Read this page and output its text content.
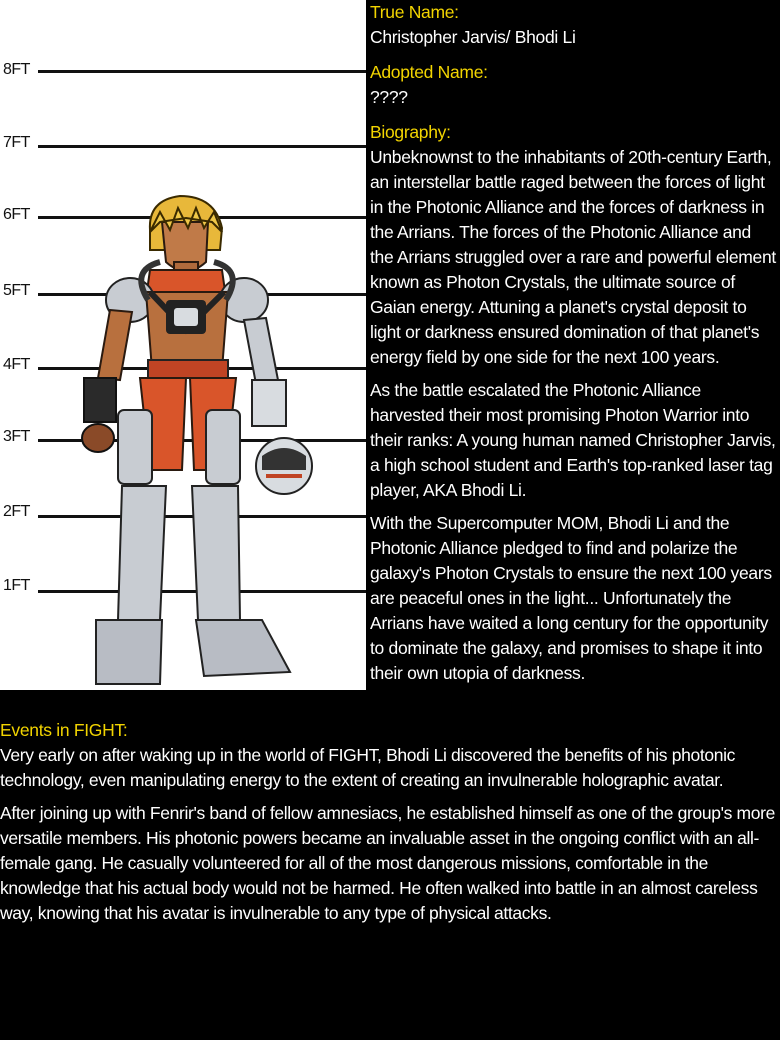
8FT
7FT
6FT
5FT
4FT
3FT
2FT
1FT
True Name:
Christopher Jarvis/ Bhodi Li
Adopted Name:
????
Biography:

Unbeknownst to the inhabitants of 20th-century Earth, an interstellar battle raged between the forces of light in the Photonic Alliance and the forces of darkness in the Arrians. The forces of the Photonic Alliance and the Arrians struggled over a rare and powerful element known as Photon Crystals, the ultimate source of Gaian energy. Attuning a planet's crystal deposit to light or darkness ensured domination of that planet's energy field by one side for the next 100 years.

As the battle escalated the Photonic Alliance harvested their most promising Photon Warrior into their ranks: A young human named Christopher Jarvis, a high school student and Earth's top-ranked laser tag player, AKA Bhodi Li.

With the Supercomputer MOM, Bhodi Li and the Photonic Alliance pledged to find and polarize the galaxy's Photon Crystals to ensure the next 100 years are peaceful ones in the light... Unfortunately the Arrians have waited a long century for the opportunity to dominate the galaxy, and promises to shape it into their own utopia of darkness.

Events in FIGHT:

Very early on after waking up in the world of FIGHT, Bhodi Li discovered the benefits of his photonic technology, even manipulating energy to the extent of creating an invulnerable holographic avatar.

After joining up with Fenrir's band of fellow amnesiacs, he established himself as one of the group's more versatile members. His photonic powers became an invaluable asset in the ongoing conflict with an all-female gang. He casually volunteered for all of the most dangerous missions, comfortable in the knowledge that his actual body would not be harmed. He often walked into battle in an almost careless way, knowing that his avatar is invulnerable to any type of physical attacks.
